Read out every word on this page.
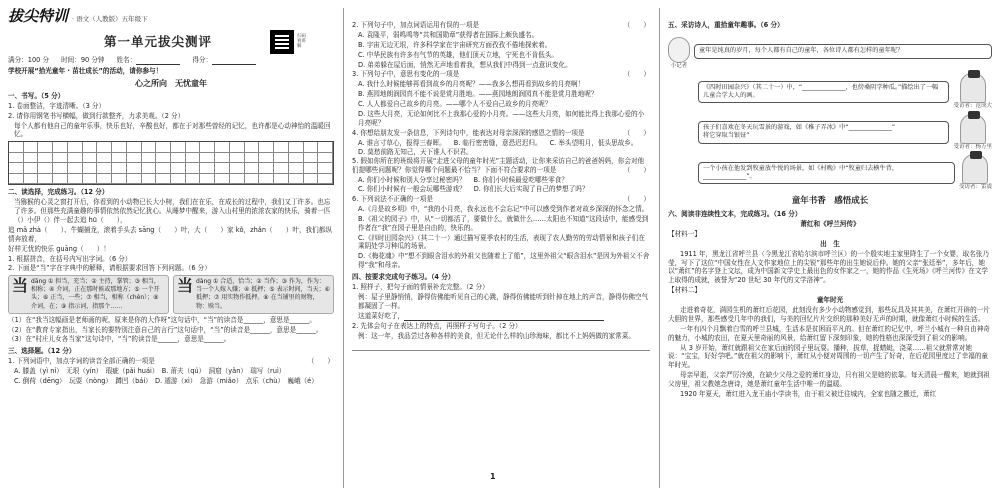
拔尖特训 · 语文（人教版）五年级下
第一单元拔尖测评	扫码看讲解
满分：100 分 时间：90 分钟 姓名：	得分：
学校开展“拾光童年 · 苗壮成长”的活动，请你参与！
心之所向　无忧童年
一、书写。（5 分）
1. 卷面整洁，字迹清晰。（3 分）
2. 请你用钢笔书写横幅，做到行款整齐，力求美观。（2 分）
每个人都有他自己的童年乐事，快乐也好，辛酸也好，都在于对那些曾经的记忆，也许都是心动神怡的温暖回忆。
二、读选择，完成练习。（12 分）
当猕猴的心灵之窗打开后，你看到的小动物已长大小树，我们在在乐，在成长的过程中，我们又丁许多。也忘了许多。但那些充满童趣的事情依然依然记忆犹心。从睡梦中醒来，游入山村里的浓浓农家的快乐，骑着一匹（）小伊（）伴一起去追 hū（　　），
追 mǎ zhà（　　）、牛蝴捕龙，滚着手头去 sāng（　　）叶，大（　　）家 kǒ，zhǎn（　　）叶，我们都纵情奔放着，
好样无忧的快乐 guāng（　　）！
1. 根据拼音，在括号内写出字词。（6 分）
2. 下面是“当”字在字典中的解释，请根据要求回答下列问题。（6 分）
当 dāng ① 担当，充当；② 主持，掌管；③ 相当，相称；④ 介词，正在那时候或那地方；⑤ 一个开头；⑥ 正当，一些；⑦ 相当，相称（chèn）；⑧ 介词，在；⑨ 指示词，指那个……
当 dàng ① 合适，恰当；② 当作；③ 作为，作为：当一个人嫁入嫌；④ 抵押；⑤ 表示时间，当天；⑥ 抵押；⑦ 用实物作抵押。⑧ 在当铺里的财物，物：赎当。
（1）在“我当这幅画是老师画的呢，原来是你的大作呀”这句话中，“当”的读音是______，意思是______。
（2）在“教育专家指出，当家长的要特别注意自己的言行”这句话中，“当”的读音是______，意思是______。
（3）在“村庄儿女各当家”这句诗中，“当”的读音是______，意思是______。
三、选择题。（12 分）
1. 下列词语中，加点字词的读音全部正确的一项是	（　　）
A. 膝盖（yì ní）　无垠（yín）　瑕疵（pǎi huái）　B. 莆夫（qú）　洞窟（yǎn）　瑞写（ruì）
C. 倒荷（dēng）　玩耍（nòng）　蹲凹（bái）　D. 遁游（xì）　急游（miǎo）　点乐（chù）　巍峨（é）
2. 下列句子中，加点词语运用有误的一项是	（　　）
A. 袁隆平，弱鸣鸣等“共和国勋章”获得者在国际上颇负盛名。
B. 宇宙无边无垠，许多科学家在宇宙研究方面孜孜不倦地探索着。
C. 中华民族有许多有气节的英雄，他们顶天立地，宁死也不肯低头。
D. 弟弟躲在屋后面，悄然无声地看着我，想从我们中得到一点意识变化。
3. 下列句子中，意思有变化的一项是	（　　）
A. 我什么时候能够再看到故乡的月亮呢？——我多么想再看到故乡的月亮啊！
B. 燕园地朗润园真不能不说是赏月胜地。——燕园地朗润园真不能是赏月胜地呢？
C. 人人都爱自己故乡的月亮。——哪个人不爱自己故乡的月亮呢？
D. 这些大月亮，无论如何比不上我那心爱的小月亮。——这些大月亮，如何能比得上我那心爱的小月亮呢？
4. 你想给朋友发一条信息，下列诗句中，能表达对母亲深深的感恩之情的一项是	（　　）
A. 谁言寸草心，报得三春晖。 B. 临行密密缝，意恐迟迟归。 C. 举头望明月，低头思故乡。
D. 莫愁前路无知己，天下谁人不识君。
5. 假如你所在的班级将开展“走进父母的童年时光”主题活动，让你来采访自己的爸爸妈妈，你会对他们提哪些问题呢？你觉得哪个问题最不恰当？下面不符合要求的一项是	（　　）
A. 你们小时候和别人分享过秘密吗？ B. 你们小时候最爱吃哪些零食？
C. 你们小时候有一般会玩哪些游戏？ D. 你们长大后实现了自己的梦想了吗？
6. 下列说法不正确的一项是	（　　）
A.《月是故乡明》中，“我的小月亮，我永远也不会忘记”中可以感受到作者对故乡深深的怀念之情。
B.《祖父的园子》中，从“一切都活了，要做什么，就做什么……太阳也不知道”这段话中，能感受到作者在“我”在园子里是自由的，快乐的。
C.《四时田园杂兴》（其二十一）通过描写夏季农村的生活，表现了农人勤劳的劳动情景和孩子们在乘阴处学习种瓜的场景。
D.《梅花魂》中“想不到眼含泪水的外祖父也随着上了船”，这里外祖父“眼含泪水”是因为外祖父不舍得“我”和母亲。
四、按要求完成句子练习。（4 分）
1. 照样子，把句子面的情景补充完整。（2 分）
例：屋子里静悄悄，静得仿佛能听见自己的心跳，静得仿佛能听到针掉在地上的声音，静得仿佛空气都凝固了一样。
这道菜好吃了，
2. 先体会句子在表达上的特点，再照样子写句子。（2 分）
例：这一年，我品尝过各种各样的美食，但无论什么样的山珍海味，都比不上妈妈做的家常菜。
1
五、采访诗人，重拾童年趣事。（6 分）
小记者
童年是纯真的岁月，每个人都有自己的童年，各位诗人都有怎样的童年呢？
《四时田园杂兴》（其二十一）中，“______________，也傍桑阴学种瓜。”描绘出了一幅儿童合学大人的画。
受访者：范成大
孩子们喜欢在冬天玩雪景的游戏，如《稚子弄冰》中“______________”
将它穿取当银钲”
受访者：杨万里
一个小孩在他发到牧童放牛悦的场景，如《村晚》中“牧童归去横牛背，______________”。
受访者：雷震
童年书香　感悟成长
六、阅读非连续性文本，完成练习。（16 分）
萧红和《呼兰河传》
【材料一】
出　生
1911 年，黑龙江省呼兰县（今黑龙江省哈尔滨市呼兰区）的一个殷实地主家里降生了一个女婴，取名张乃莹，写下了这位“中国女性在人文作家地位上的尖锐”那些年的出生她说后仲。她的父亲“张廷举”，多年后，她以“萧红”的名字登上文坛，成为中国新文学史上最出色的女作家之一，她的作品《生死场》《呼兰河传》在文学上取得的成就，被誉为“20 世纪 30 年代的文学洛神”。
【材料二】
童年时光
走进着奇花，满园生机的萧红后花园，此刻没有多少小动物感觉到，那些玩具及其其美，在萧红开辟的一片大胆的世界，那些感受几年中的我们，与美的回忆片片交织的那种美好无声的时期，就像萧红小时候的生活。
一年有四个月飘着白雪的呼兰县城，生活本是贫困而平凡的。但在萧红的记忆中，呼兰小城有一种自由神奇的魅力，小城的农田，在夏天里奇丽的风景，给萧红留下深刻印象，她的性格也深深受到了祖父的影响。
从 3 岁开始，萧红就跟祖父在家后面的园子里玩耍。播种，拔草，捉蜻蜓，浇菜……祖父就常常对她说：“宝宝，好好学吧。”就在祖父的影响下，萧红从小便对周围的一切产生了好奇，在后花园里度过了幸福的童年时光。
母亲早逝，父亲严厉冷漠，在缺少父母之爱的萧红身边，只有祖父是她的依靠。每天清晨一醒来，她就到祖父房里，祖父教她念唐诗，她是萧红童年生活中唯一的温暖。
1920 年夏天，萧红进入龙王庙小学读书，由于祖父被迁往城内，全家也随之搬迁，萧红
